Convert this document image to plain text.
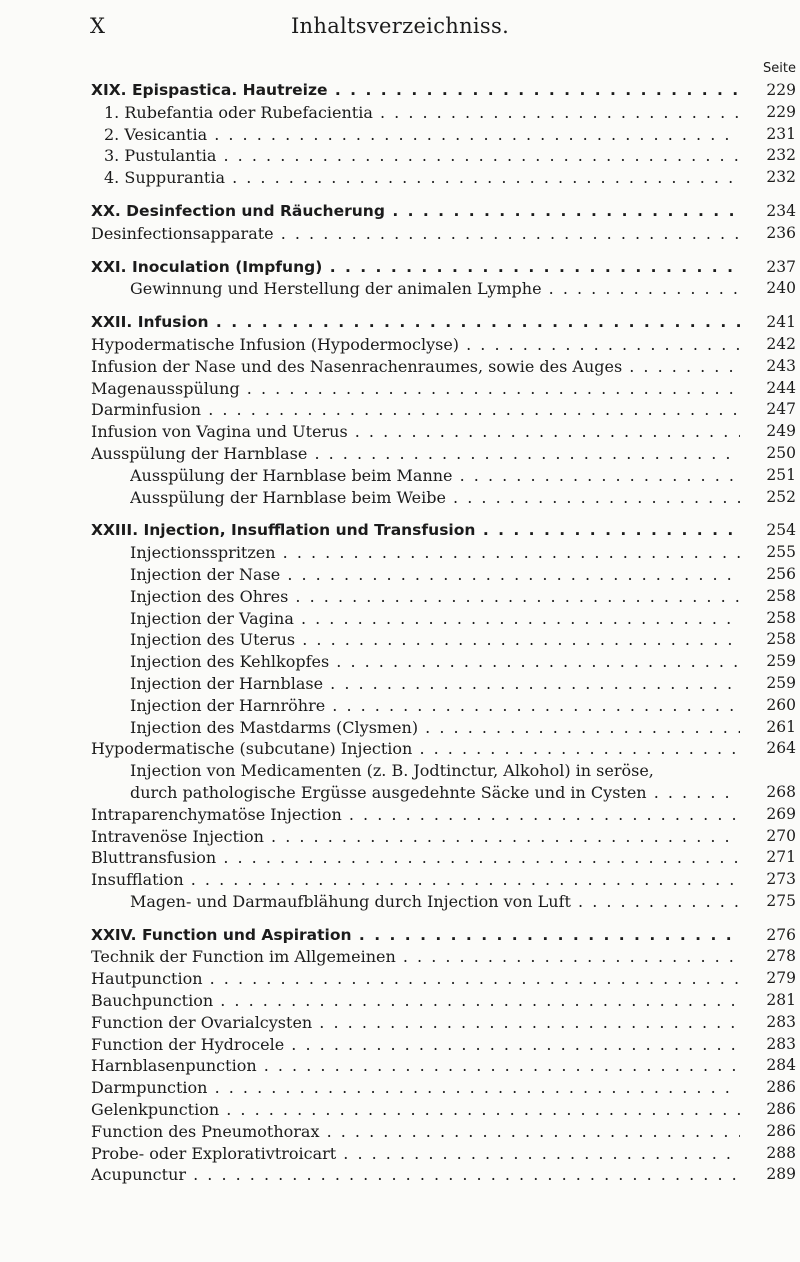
X	Inhaltsverzeichniss.
Seite
XIX. Epispastica. Hautreize . . .	229
1. Rubefantia oder Rubefacientia . . .	229
2. Vesicantia . . .	231
3. Pustulantia . . .	232
4. Suppurantia . . .	232
XX. Desinfection und Räucherung . . .	234
Desinfectionsapparate . . .	236
XXI. Inoculation (Impfung) . . .	237
Gewinnung und Herstellung der animalen Lymphe . . .	240
XXII. Infusion . . .	241
Hypodermatische Infusion (Hypodermoclyse) . . .	242
Infusion der Nase und des Nasenrachenraumes, sowie des Auges . . .	243
Magenausspülung . . .	244
Darminfusion . . .	247
Infusion von Vagina und Uterus . . .	249
Ausspülung der Harnblase . . .	250
Ausspülung der Harnblase beim Manne . . .	251
Ausspülung der Harnblase beim Weibe . . .	252
XXIII. Injection, Insufflation und Transfusion . . .	254
Injectionsspritzen . . .	255
Injection der Nase . . .	256
Injection des Ohres . . .	258
Injection der Vagina . . .	258
Injection des Uterus . . .	258
Injection des Kehlkopfes . . .	259
Injection der Harnblase . . .	259
Injection der Harnröhre . . .	260
Injection des Mastdarms (Clysmen) . . .	261
Hypodermatische (subcutane) Injection . . .	264
Injection von Medicamenten (z. B. Jodtinctur, Alkohol) in seröse,
durch pathologische Ergüsse ausgedehnte Säcke und in Cysten . . .	268
Intraparenchymatöse Injection . . .	269
Intravenöse Injection . . .	270
Bluttransfusion . . .	271
Insufflation . . .	273
Magen- und Darmaufblähung durch Injection von Luft . . .	275
XXIV. Function und Aspiration . . .	276
Technik der Function im Allgemeinen . . .	278
Hautpunction . . .	279
Bauchpunction . . .	281
Function der Ovarialcysten . . .	283
Function der Hydrocele . . .	283
Harnblasenpunction . . .	284
Darmpunction . . .	286
Gelenkpunction . . .	286
Function des Pneumothorax . . .	286
Probe- oder Explorativtroicart . . .	288
Acupunctur . . .	289
